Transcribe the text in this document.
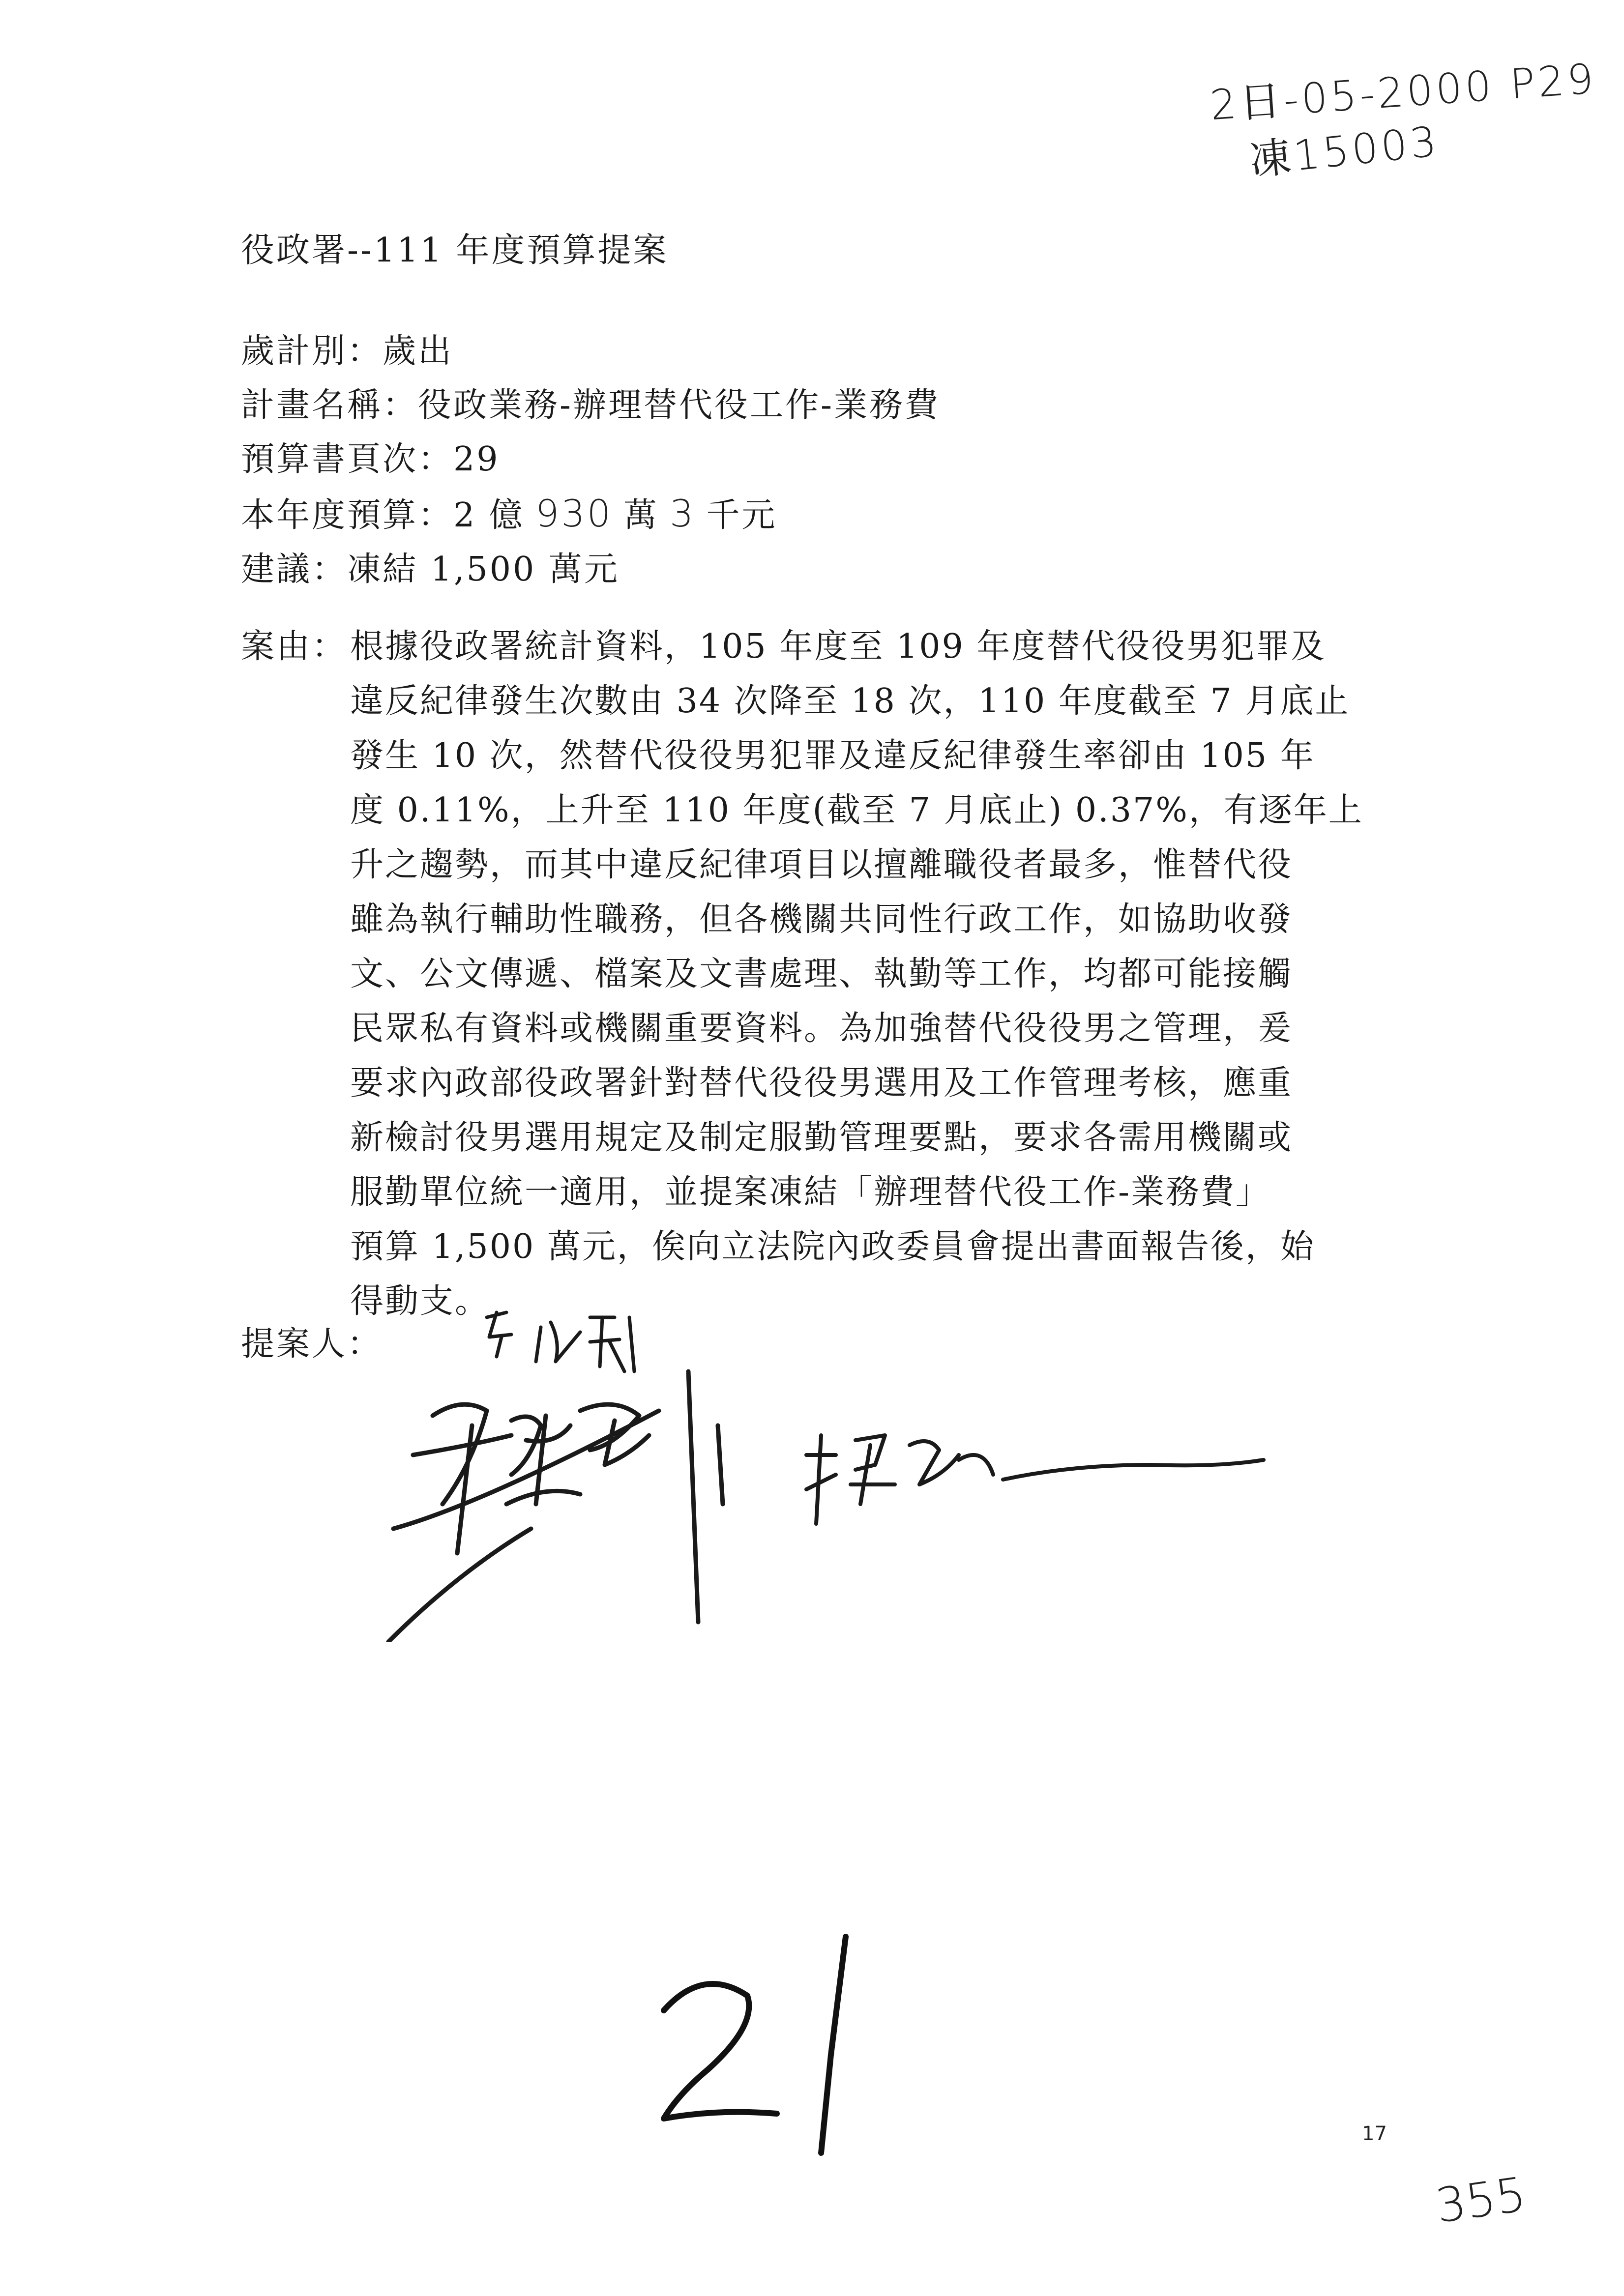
2日-05-2000 P29
凍15003
役政署--111 年度預算提案
歲計別：歲出
計畫名稱：役政業務-辦理替代役工作-業務費
預算書頁次：29
本年度預算：2 億 930 萬 3 千元
建議：凍結 1,500 萬元
案由： 根據役政署統計資料，105 年度至 109 年度替代役役男犯罪及
違反紀律發生次數由 34 次降至 18 次，110 年度截至 7 月底止
發生 10 次，然替代役役男犯罪及違反紀律發生率卻由 105 年
度 0.11%，上升至 110 年度(截至 7 月底止) 0.37%，有逐年上
升之趨勢，而其中違反紀律項目以擅離職役者最多，惟替代役
雖為執行輔助性職務，但各機關共同性行政工作，如協助收發
文、公文傳遞、檔案及文書處理、執勤等工作，均都可能接觸
民眾私有資料或機關重要資料。為加強替代役役男之管理，爰
要求內政部役政署針對替代役役男選用及工作管理考核，應重
新檢討役男選用規定及制定服勤管理要點，要求各需用機關或
服勤單位統一適用，並提案凍結「辦理替代役工作-業務費」
預算 1,500 萬元，俟向立法院內政委員會提出書面報告後，始
得動支。
提案人：
17
355
